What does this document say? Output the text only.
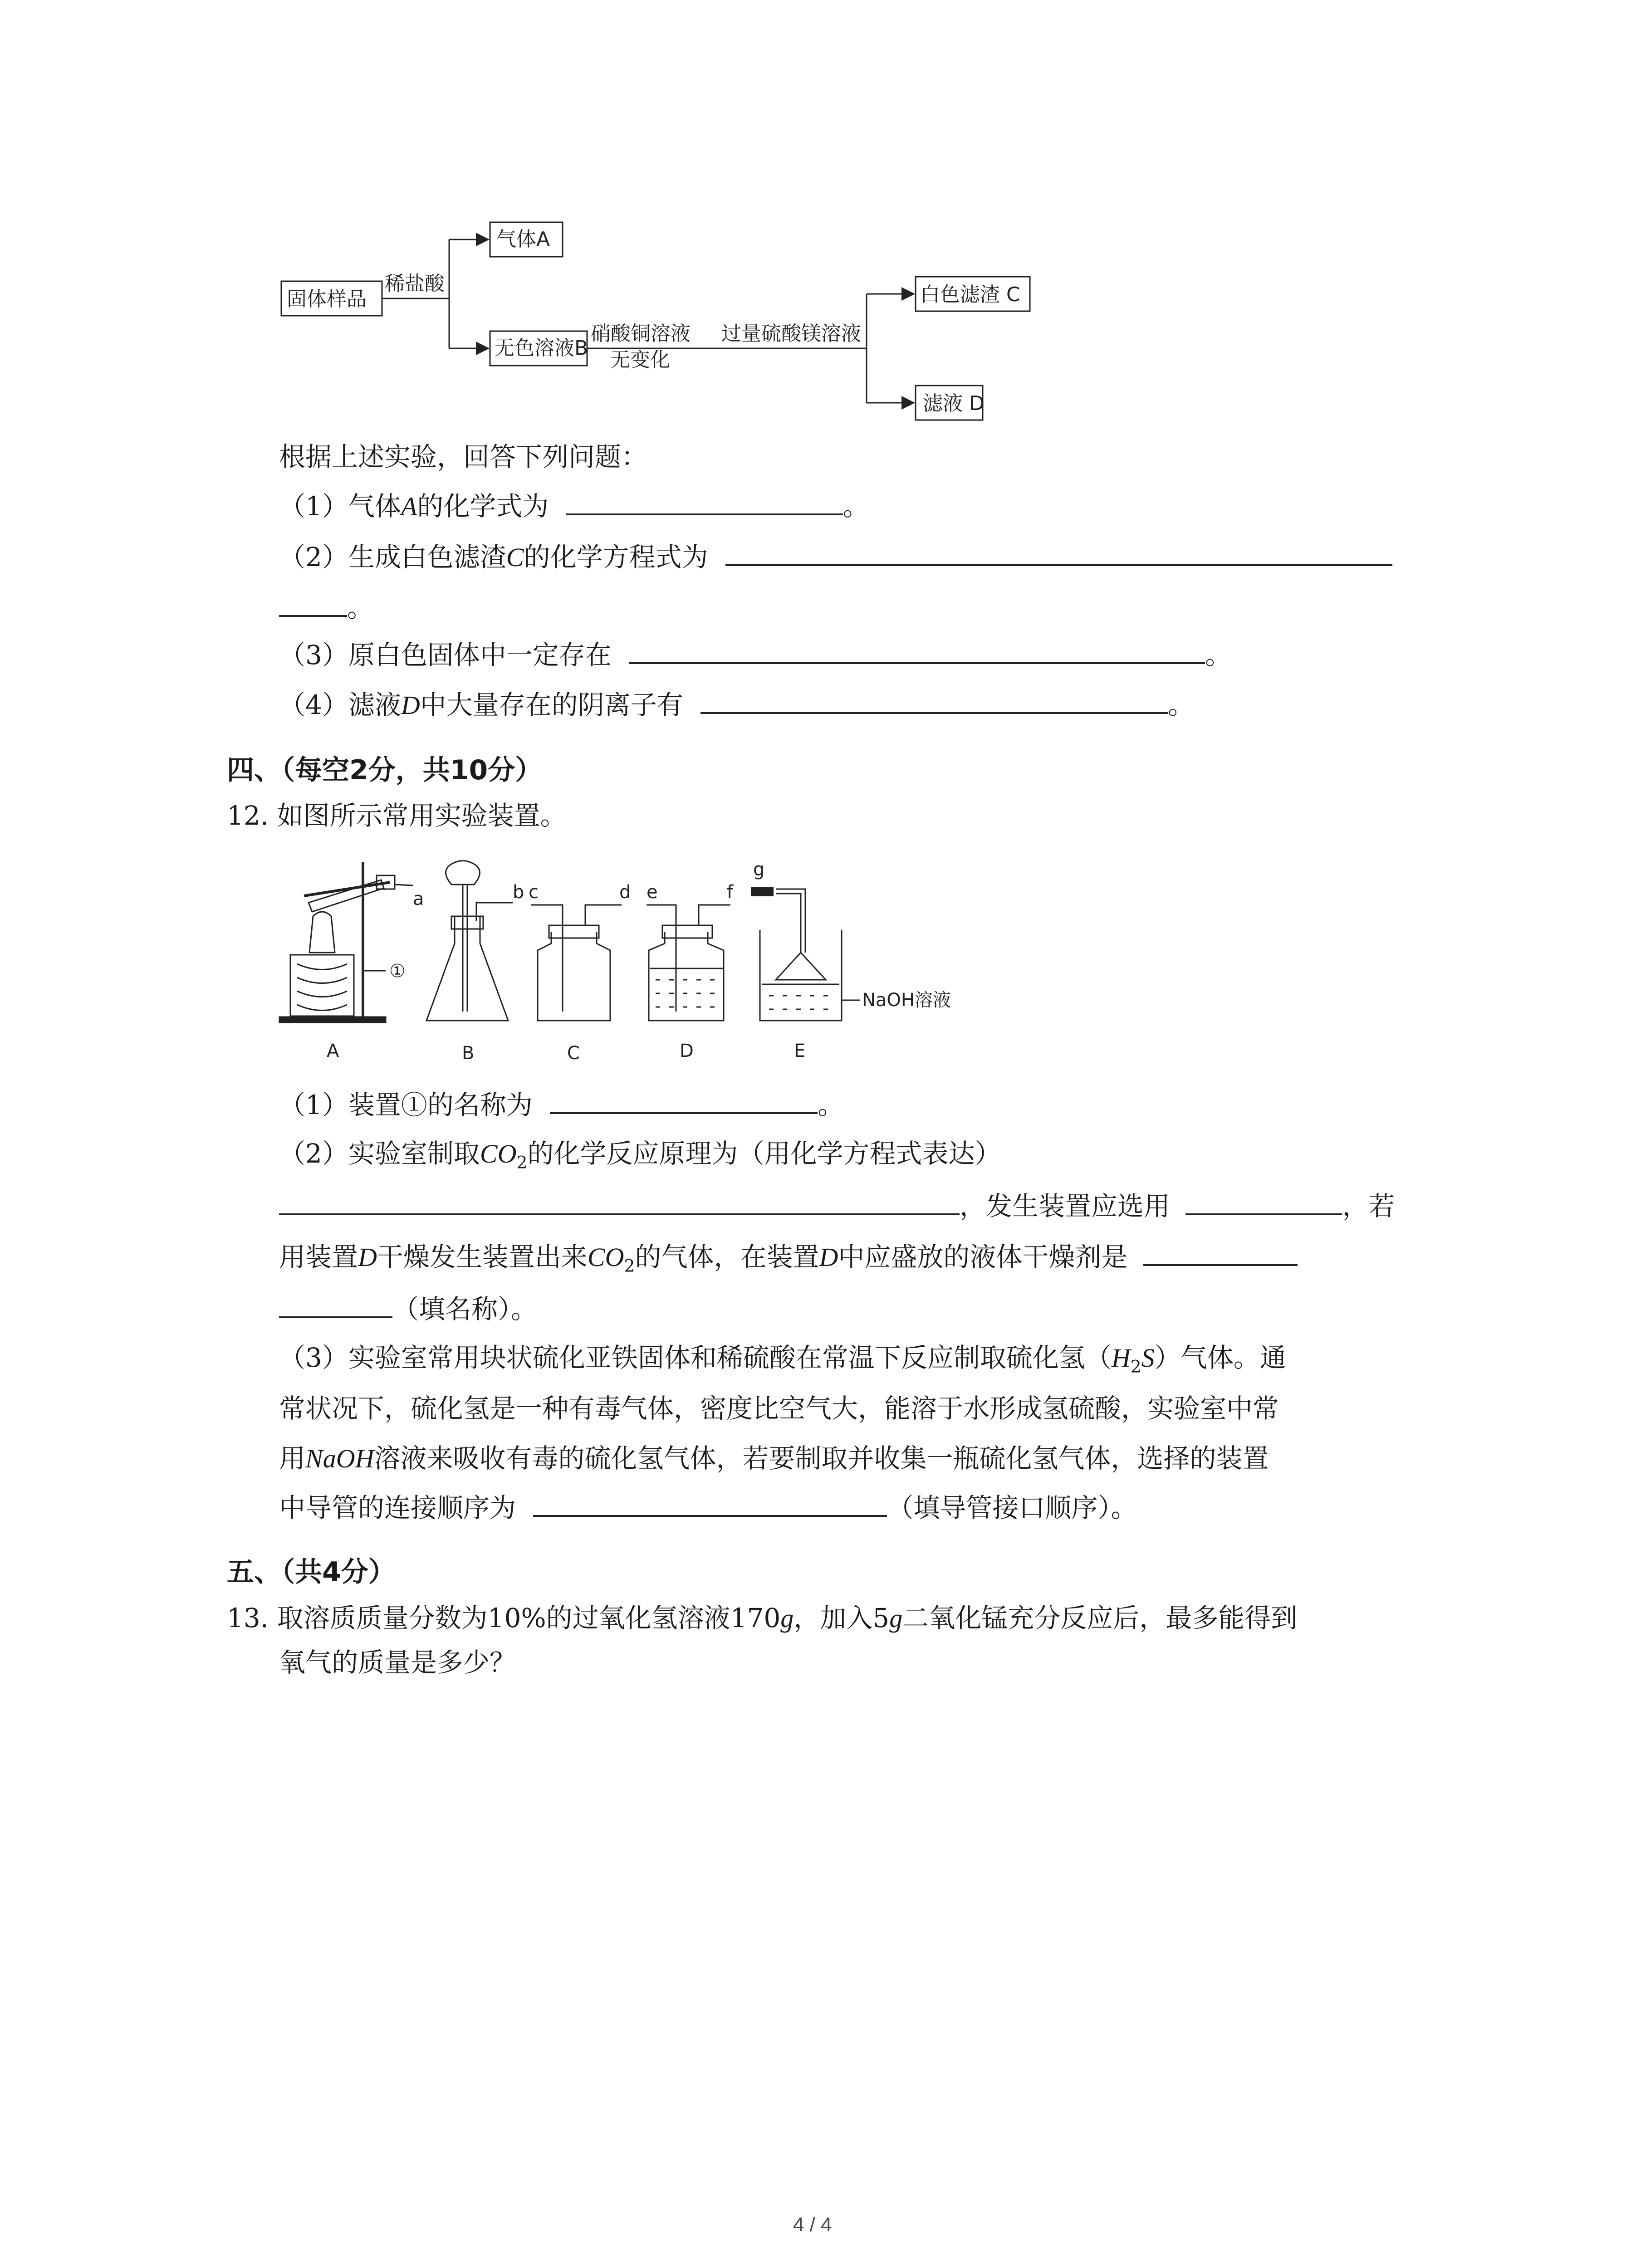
固体样品
稀盐酸
气体A
无色溶液B
硝酸铜溶液
无变化
过量硫酸镁溶液
白色滤渣 C
滤液 D
根据上述实验，回答下列问题：
（1）气体A的化学式为	。
（2）生成白色滤渣C的化学方程式为
。
（3）原白色固体中一定存在	。
（4）滤液D中大量存在的阴离子有	。
四、（每空2分，共10分）
12. 如图所示常用实验装置。
a	b c	d e	f
g
①
NaOH溶液
A	B	C	D	E
（1）装置①的名称为	。
（2）实验室制取$CO_2$的化学反应原理为（用化学方程式表达）
，发生装置应选用	，若
用装置D干燥发生装置出来$CO_2$的气体，在装置D中应盛放的液体干燥剂是
（填名称）。
（3）实验室常用块状硫化亚铁固体和稀硫酸在常温下反应制取硫化氢$(H_2S)$气体。通
常状况下，硫化氢是一种有毒气体，密度比空气大，能溶于水形成氢硫酸，实验室中常
用NaOH溶液来吸收有毒的硫化氢气体，若要制取并收集一瓶硫化氢气体，选择的装置
中导管的连接顺序为	（填导管接口顺序）。
五、（共4分）
13. 取溶质质量分数为10%的过氧化氢溶液170g，加入5g二氧化锰充分反应后，最多能得到
氧气的质量是多少？
4 / 4
